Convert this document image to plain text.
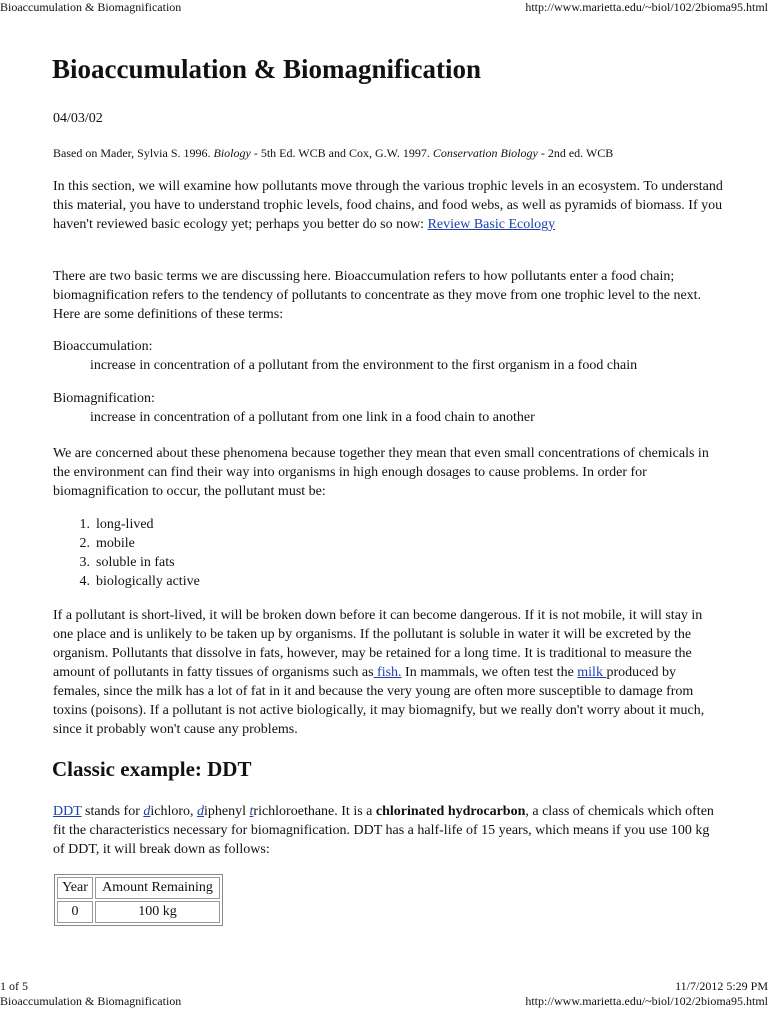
Bioaccumulation & Biomagnification	http://www.marietta.edu/~biol/102/2bioma95.html
Bioaccumulation & Biomagnification
04/03/02
Based on Mader, Sylvia S. 1996. Biology - 5th Ed. WCB and Cox, G.W. 1997. Conservation Biology - 2nd ed. WCB

In this section, we will examine how pollutants move through the various trophic levels in an ecosystem. To understand this material, you have to understand trophic levels, food chains, and food webs, as well as pyramids of biomass. If you haven't reviewed basic ecology yet; perhaps you better do so now: Review Basic Ecology

There are two basic terms we are discussing here. Bioaccumulation refers to how pollutants enter a food chain; biomagnification refers to the tendency of pollutants to concentrate as they move from one trophic level to the next. Here are some definitions of these terms:
Bioaccumulation:
increase in concentration of a pollutant from the environment to the first organism in a food chain
Biomagnification:
increase in concentration of a pollutant from one link in a food chain to another
We are concerned about these phenomena because together they mean that even small concentrations of chemicals in the environment can find their way into organisms in high enough dosages to cause problems. In order for biomagnification to occur, the pollutant must be:
1. long-lived
2. mobile
3. soluble in fats
4. biologically active

If a pollutant is short-lived, it will be broken down before it can become dangerous. If it is not mobile, it will stay in one place and is unlikely to be taken up by organisms. If the pollutant is soluble in water it will be excreted by the organism. Pollutants that dissolve in fats, however, may be retained for a long time. It is traditional to measure the amount of pollutants in fatty tissues of organisms such as fish. In mammals, we often test the milk produced by females, since the milk has a lot of fat in it and because the very young are often more susceptible to damage from toxins (poisons). If a pollutant is not active biologically, it may biomagnify, but we really don't worry about it much, since it probably won't cause any problems.

Classic example: DDT

DDT stands for dichloro, diphenyl trichloroethane. It is a chlorinated hydrocarbon, a class of chemicals which often fit the characteristics necessary for biomagnification. DDT has a half-life of 15 years, which means if you use 100 kg of DDT, it will break down as follows:

Year	Amount Remaining
0	100 kg
1 of 5	11/7/2012 5:29 PM
Bioaccumulation & Biomagnification	http://www.marietta.edu/~biol/102/2bioma95.html
